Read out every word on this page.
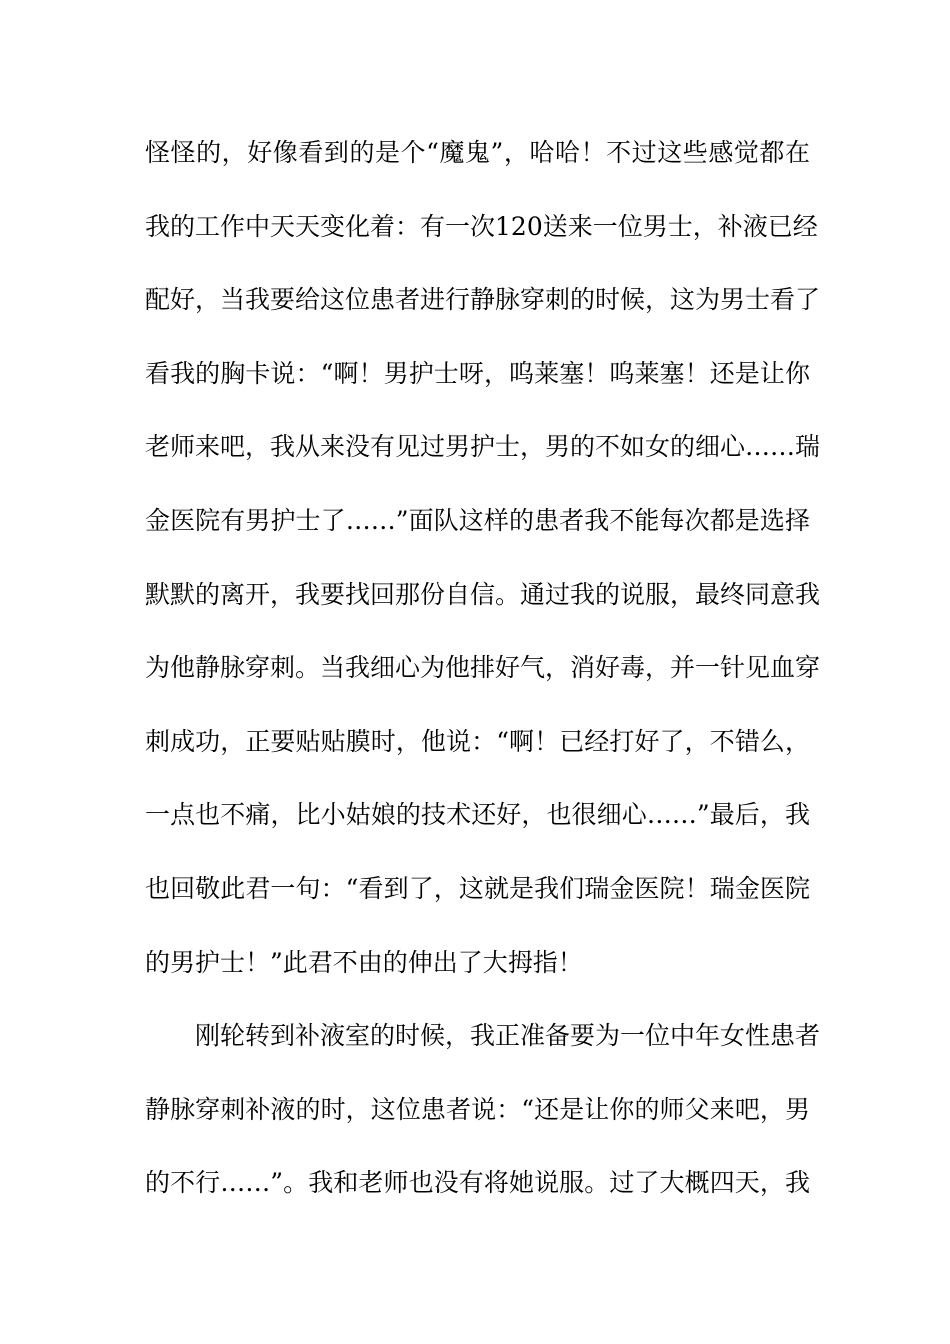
怪怪的，好像看到的是个“魔鬼”，哈哈！不过这些感觉都在
我的工作中天天变化着：有一次120送来一位男士，补液已经
配好，当我要给这位患者进行静脉穿刺的时候，这为男士看了
看我的胸卡说：“啊！男护士呀，呜莱塞！呜莱塞！还是让你
老师来吧，我从来没有见过男护士，男的不如女的细心……瑞
金医院有男护士了……”面队这样的患者我不能每次都是选择
默默的离开，我要找回那份自信。通过我的说服，最终同意我
为他静脉穿刺。当我细心为他排好气，消好毒，并一针见血穿
刺成功，正要贴贴膜时，他说：“啊！已经打好了，不错么，
一点也不痛，比小姑娘的技术还好，也很细心……”最后，我
也回敬此君一句：“看到了，这就是我们瑞金医院！瑞金医院
的男护士！”此君不由的伸出了大拇指！
刚轮转到补液室的时候，我正准备要为一位中年女性患者
静脉穿刺补液的时，这位患者说：“还是让你的师父来吧，男
的不行……”。我和老师也没有将她说服。过了大概四天，我
